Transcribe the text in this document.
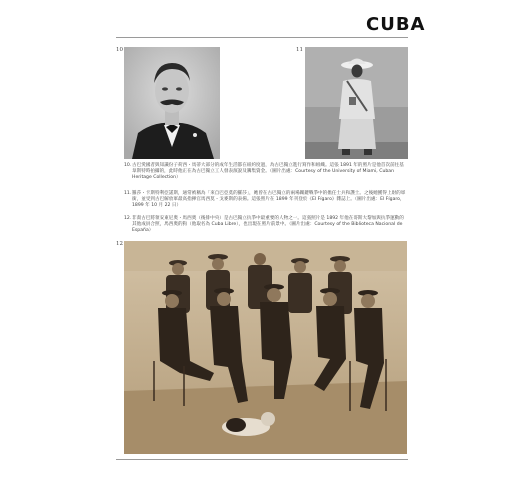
CUBA
10	11
10. 古巴愛國者與知識份子荷西・馬蒂大部分的成年生活都在紐約度過，為古巴獨立進行寫作和組織。這張 1891 年的照片是他首次前往基韋斯特時拍攝的，此時他正在為古巴獨立工人發表演說及籌集資金。（圖片出處：Courtesy of the University of Miami, Cuban Heritage Collection）
11. 羅莎・卡斯特利亞諾斯，通常被稱為「來自巴亞莫的羅莎」，她曾在古巴獨立的兩場關鍵戰爭中的擔任士兵和護士。之後她獲得上尉的軍銜，並受到古巴解放軍最高指揮官馬西莫・戈麥斯的表揚。這張照片在 1899 年刊登於《El Fígaro》雜誌上。（圖片出處：El Fígaro，1899 年 10 月 22 日）
12. 非裔古巴將領安東尼奧・馬西奧（後排中央）是古巴獨立抗爭中最重要的人物之一。這張照片是 1892 年他在哥斯大黎加與抗爭運動的其他成員合照，馬西奧的狗（他取名為 Cuba Libre），也出現在照片前景中。（圖片出處：Courtesy of the Biblioteca Nacional de España）
12
